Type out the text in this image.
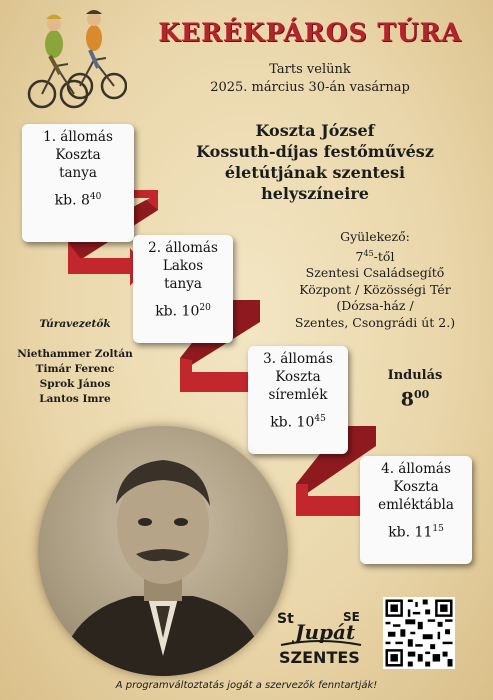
KERÉKPÁROS TÚRA
Tarts velünk
2025. március 30-án vasárnap
Koszta József
Kossuth-díjas festőművész
életútjának szentesi
helyszíneire
1. állomás
Koszta
tanya
kb. $8^{40}$
2. állomás
Lakos
tanya
kb. $10^{20}$
3. állomás
Koszta
síremlék
kb. $10^{45}$
4. állomás
Koszta
emléktábla
kb. $11^{15}$
Gyülekező:
$7^{45}$-től
Szentesi Családsegítő
Központ / Közösségi Tér
(Dózsa-ház /
Szentes, Csongrádi út 2.)
Túravezetők
Niethammer Zoltán
Timár Ferenc
Sprok János
Lantos Imre
Indulás
$8^{00}$
St	SE
Jupát
SZENTES
A programváltoztatás jogát a szervezők fenntartják!
